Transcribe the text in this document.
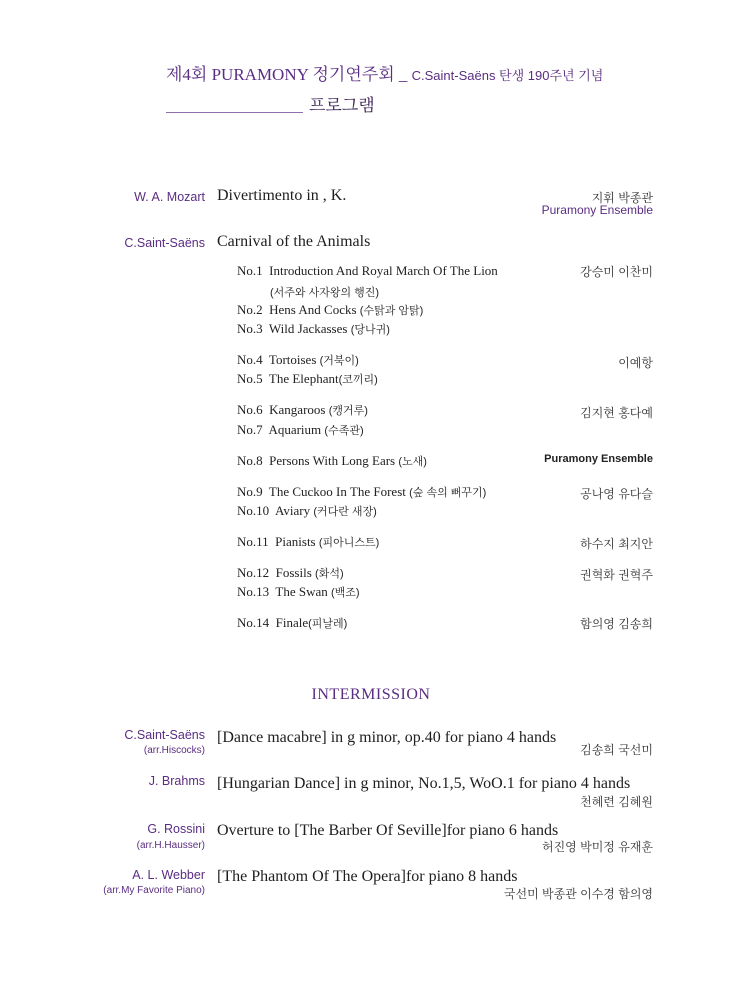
제4회 PURAMONY 정기연주회 _ C.Saint-Saëns 탄생 190주년 기념
프로그램
W. A. Mozart Divertimento in , K.	지휘 박종관
Puramony Ensemble
C.Saint-Saëns Carnival of the Animals
No.1 Introduction And Royal March Of The Lion	강승미 이찬미
(서주와 사자왕의 행진)
No.2 Hens And Cocks (수탉과 암탉)
No.3 Wild Jackasses (당나귀)
No.4 Tortoises (거북이)	이예항
No.5 The Elephant(코끼리)
No.6 Kangaroos (캥거루)	김지현 홍다예
No.7 Aquarium (수족관)
No.8 Persons With Long Ears (노새)	Puramony Ensemble
No.9 The Cuckoo In The Forest (숲 속의 뻐꾸기)	공나영 유다슬
No.10 Aviary (커다란 새장)
No.11 Pianists (피아니스트)	하수지 최지안
No.12 Fossils (화석)	권혁화 권혁주
No.13 The Swan (백조)
No.14 Finale(피날레)	함의영 김송희
INTERMISSION
C.Saint-Saëns
(arr.Hiscocks)
[Dance macabre] in g minor, op.40 for piano 4 hands
김송희 국선미
J. Brahms [Hungarian Dance] in g minor, No.1,5, WoO.1 for piano 4 hands
천혜련 김혜원
G. Rossini
(arr.H.Hausser)
Overture to [The Barber Of Seville]for piano 6 hands
허진영 박미정 유재훈
A. L. Webber
(arr.My Favorite Piano)
[The Phantom Of The Opera]for piano 8 hands
국선미 박종관 이수경 함의영
